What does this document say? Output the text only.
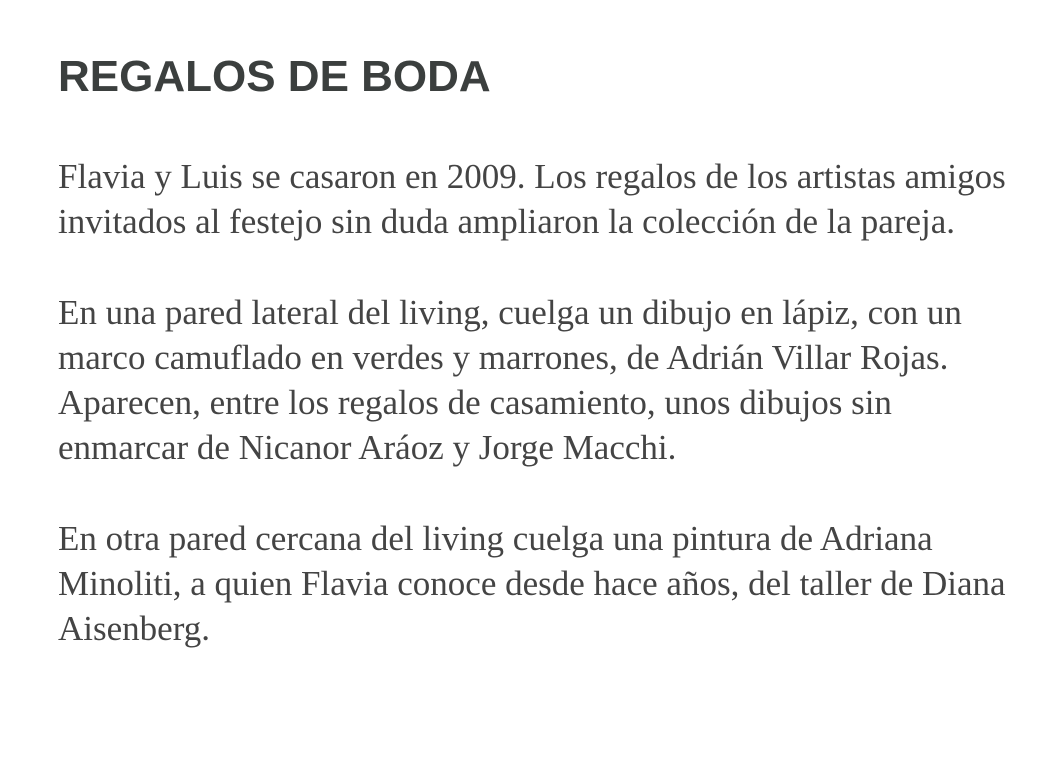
REGALOS DE BODA

Flavia y Luis se casaron en 2009. Los regalos de los artistas amigos invitados al festejo sin duda ampliaron la colección de la pareja.

En una pared lateral del living, cuelga un dibujo en lápiz, con un marco camuflado en verdes y marrones, de Adrián Villar Rojas. Aparecen, entre los regalos de casamiento, unos dibujos sin enmarcar de Nicanor Aráoz y Jorge Macchi.

En otra pared cercana del living cuelga una pintura de Adriana Minoliti, a quien Flavia conoce desde hace años, del taller de Diana Aisenberg.
